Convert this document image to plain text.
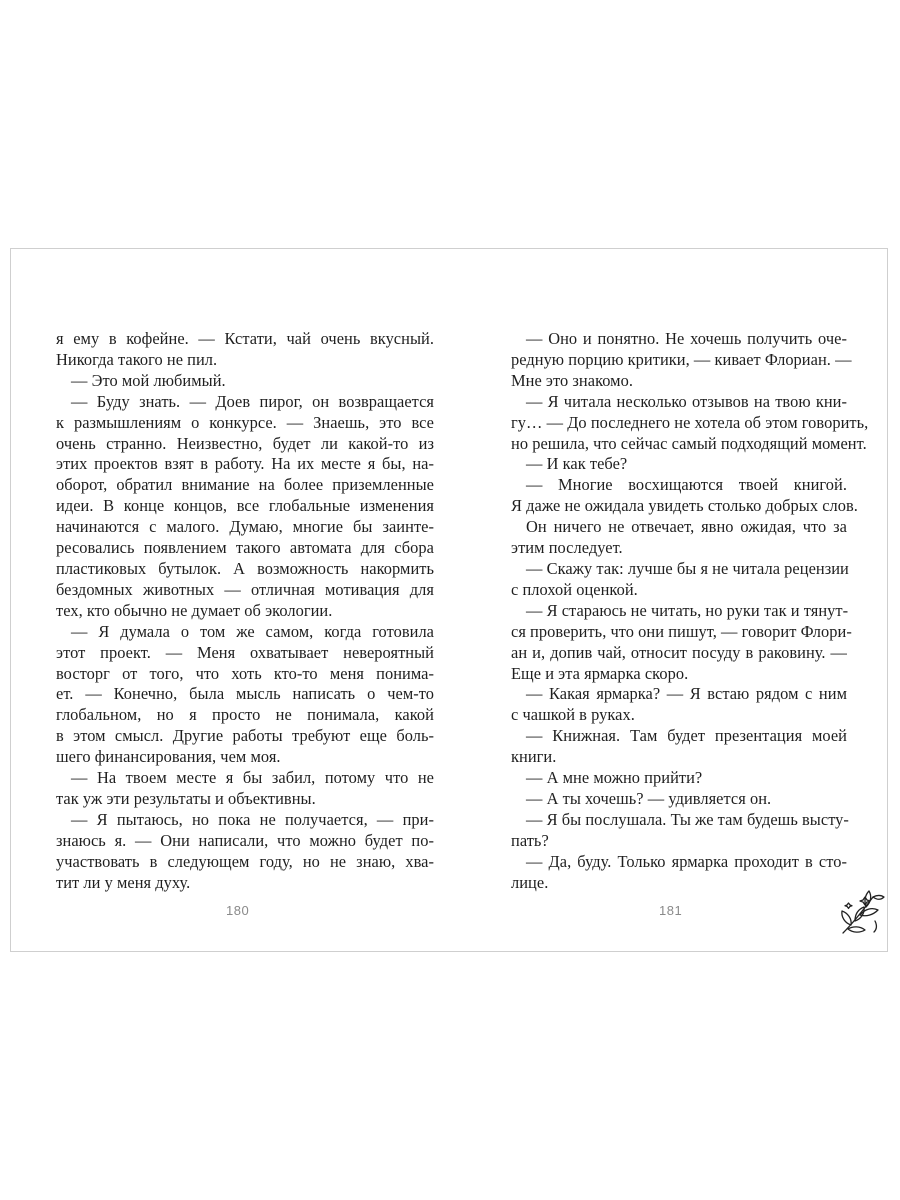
я ему в кофейне. — Кстати, чай очень вкусный.
Никогда такого не пил.
— Это мой любимый.
— Буду знать. — Доев пирог, он возвращается
к размышлениям о конкурсе. — Знаешь, это все
очень странно. Неизвестно, будет ли какой-то из
этих проектов взят в работу. На их месте я бы, на-
оборот, обратил внимание на более приземленные
идеи. В конце концов, все глобальные изменения
начинаются с малого. Думаю, многие бы заинте-
ресовались появлением такого автомата для сбора
пластиковых бутылок. А возможность накормить
бездомных животных — отличная мотивация для
тех, кто обычно не думает об экологии.
— Я думала о том же самом, когда готовила
этот проект. — Меня охватывает невероятный
восторг от того, что хоть кто-то меня понима-
ет. — Конечно, была мысль написать о чем-то
глобальном, но я просто не понимала, какой
в этом смысл. Другие работы требуют еще боль-
шего финансирования, чем моя.
— На твоем месте я бы забил, потому что не
так уж эти результаты и объективны.
— Я пытаюсь, но пока не получается, — при-
знаюсь я. — Они написали, что можно будет по-
участвовать в следующем году, но не знаю, хва-
тит ли у меня духу.
— Оно и понятно. Не хочешь получить оче-
редную порцию критики, — кивает Флориан. —
Мне это знакомо.
— Я читала несколько отзывов на твою кни-
гу… — До последнего не хотела об этом говорить,
но решила, что сейчас самый подходящий момент.
— И как тебе?
— Многие восхищаются твоей книгой.
Я даже не ожидала увидеть столько добрых слов.
Он ничего не отвечает, явно ожидая, что за
этим последует.
— Скажу так: лучше бы я не читала рецензии
с плохой оценкой.
— Я стараюсь не читать, но руки так и тянут-
ся проверить, что они пишут, — говорит Флори-
ан и, допив чай, относит посуду в раковину. —
Еще и эта ярмарка скоро.
— Какая ярмарка? — Я встаю рядом с ним
с чашкой в руках.
— Книжная. Там будет презентация моей
книги.
— А мне можно прийти?
— А ты хочешь? — удивляется он.
— Я бы послушала. Ты же там будешь высту-
пать?
— Да, буду. Только ярмарка проходит в сто-
лице.
180	181
